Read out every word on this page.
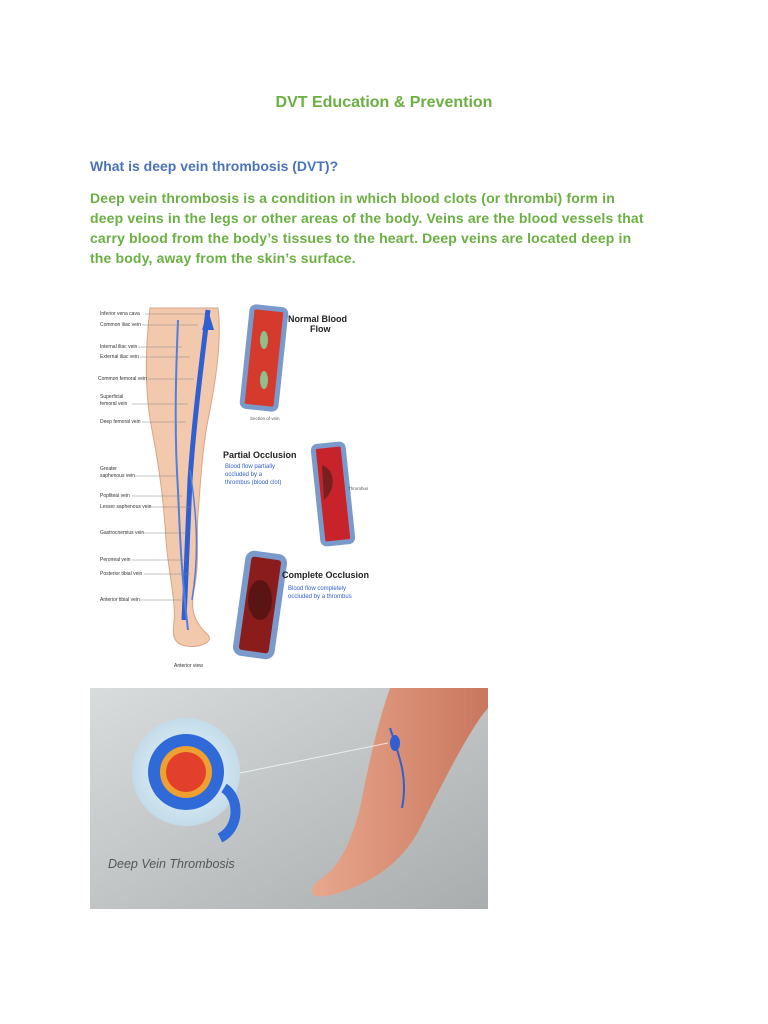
DVT Education & Prevention
What is deep vein thrombosis (DVT)?
Deep vein thrombosis is a condition in which blood clots (or thrombi) form in
deep veins in the legs or other areas of the body. Veins are the blood vessels that
carry blood from the body’s tissues to the heart. Deep veins are located deep in
the body, away from the skin’s surface.
Inferior vena cava
Common iliac vein
Internal iliac vein
External iliac vein
Common femoral vein
Superficial
femoral vein
Deep femoral vein
Greater
saphenous vein
Popliteal vein
Lesser saphenous vein
Gastrocnemius vein
Peroneal vein
Posterior tibial vein
Anterior tibial vein
Anterior view
Normal Blood
Flow
Section of vein
Partial Occlusion
Blood flow partially
occluded by a
thrombus (blood clot)
Thrombus
Complete Occlusion
Blood flow completely
occluded by a thrombus
Deep Vein Thrombosis
